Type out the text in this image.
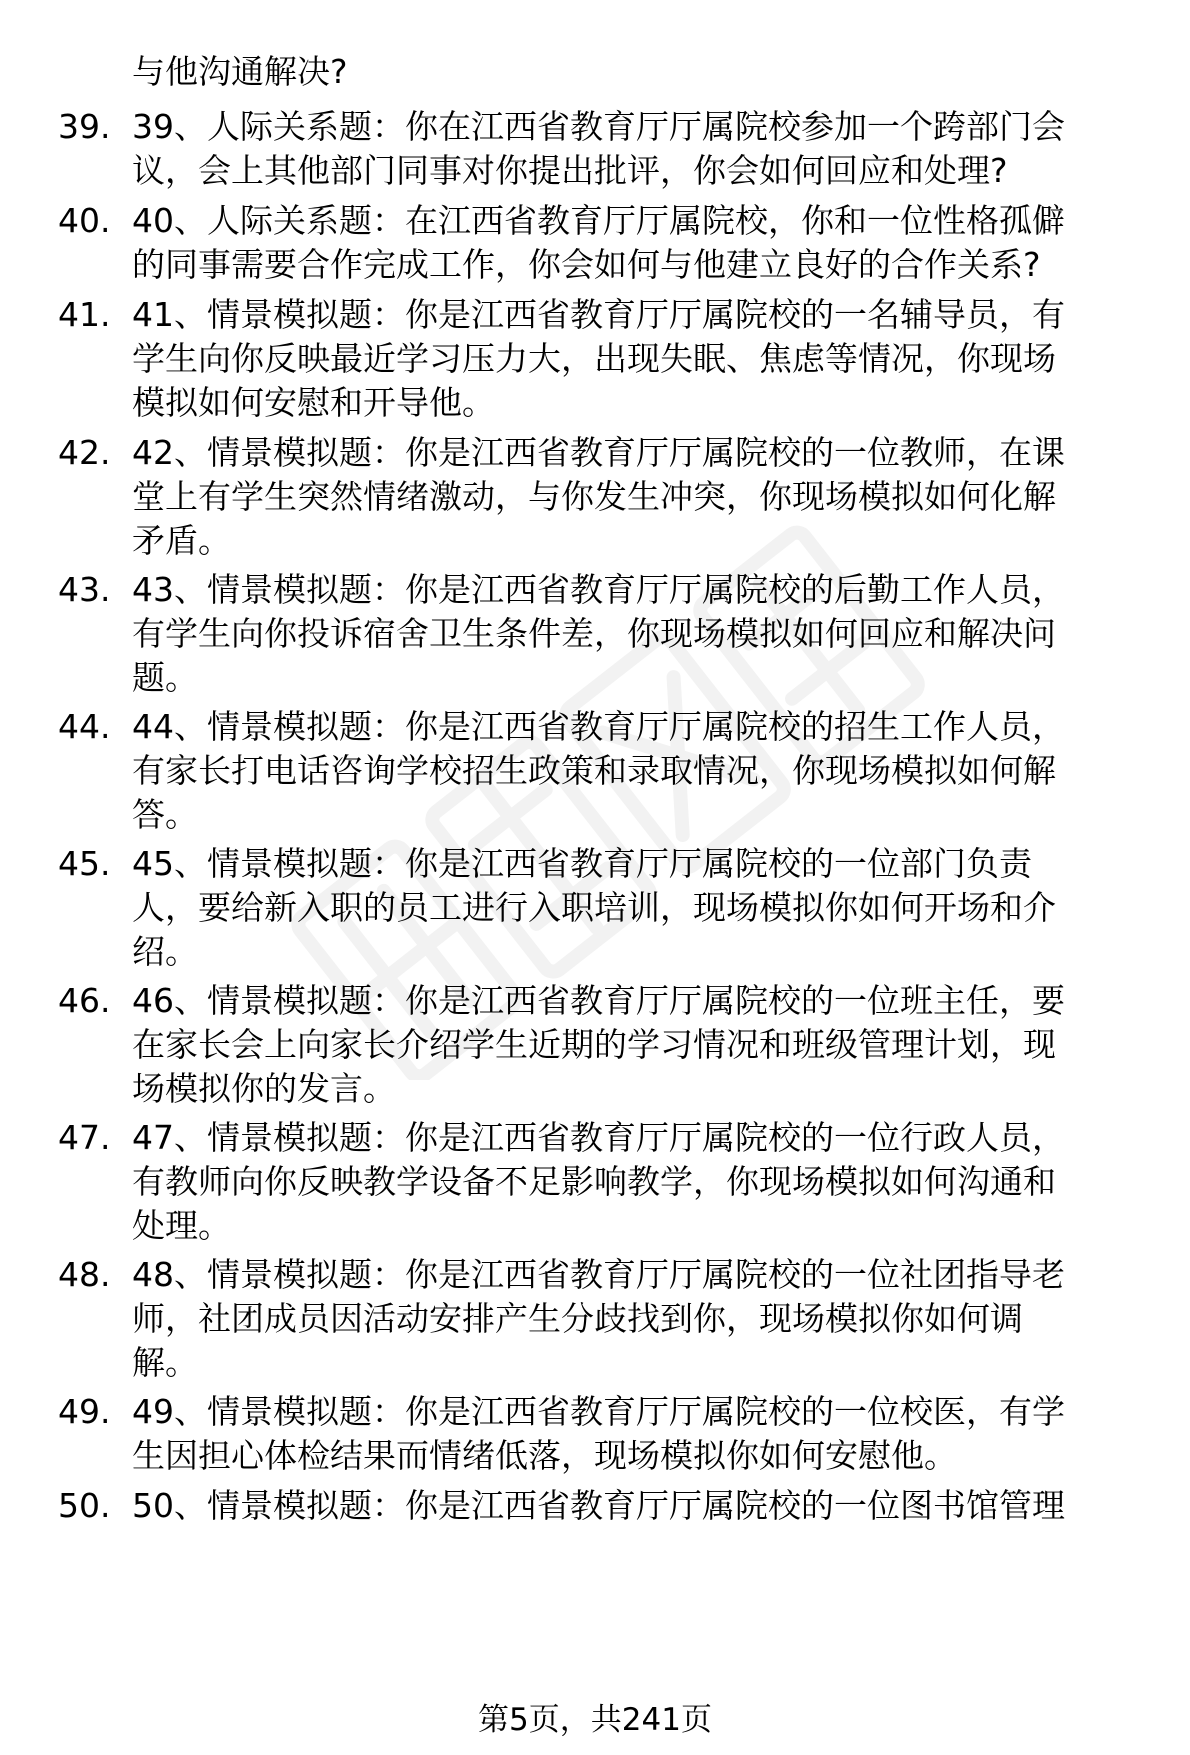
与他沟通解决?
39. 39、人际关系题：你在江西省教育厅厅属院校参加一个跨部门会
议，会上其他部门同事对你提出批评，你会如何回应和处理?
40. 40、人际关系题：在江西省教育厅厅属院校，你和一位性格孤僻
的同事需要合作完成工作，你会如何与他建立良好的合作关系?
41. 41、情景模拟题：你是江西省教育厅厅属院校的一名辅导员，有
学生向你反映最近学习压力大，出现失眠、焦虑等情况，你现场
模拟如何安慰和开导他。
42. 42、情景模拟题：你是江西省教育厅厅属院校的一位教师，在课
堂上有学生突然情绪激动，与你发生冲突，你现场模拟如何化解
矛盾。
43. 43、情景模拟题：你是江西省教育厅厅属院校的后勤工作人员，
有学生向你投诉宿舍卫生条件差，你现场模拟如何回应和解决问
题。
44. 44、情景模拟题：你是江西省教育厅厅属院校的招生工作人员，
有家长打电话咨询学校招生政策和录取情况，你现场模拟如何解
答。
45. 45、情景模拟题：你是江西省教育厅厅属院校的一位部门负责
人，要给新入职的员工进行入职培训，现场模拟你如何开场和介
绍。
46. 46、情景模拟题：你是江西省教育厅厅属院校的一位班主任，要
在家长会上向家长介绍学生近期的学习情况和班级管理计划，现
场模拟你的发言。
47. 47、情景模拟题：你是江西省教育厅厅属院校的一位行政人员，
有教师向你反映教学设备不足影响教学，你现场模拟如何沟通和
处理。
48. 48、情景模拟题：你是江西省教育厅厅属院校的一位社团指导老
师，社团成员因活动安排产生分歧找到你，现场模拟你如何调
解。
49. 49、情景模拟题：你是江西省教育厅厅属院校的一位校医，有学
生因担心体检结果而情绪低落，现场模拟你如何安慰他。
50. 50、情景模拟题：你是江西省教育厅厅属院校的一位图书馆管理
第5页，共241页
